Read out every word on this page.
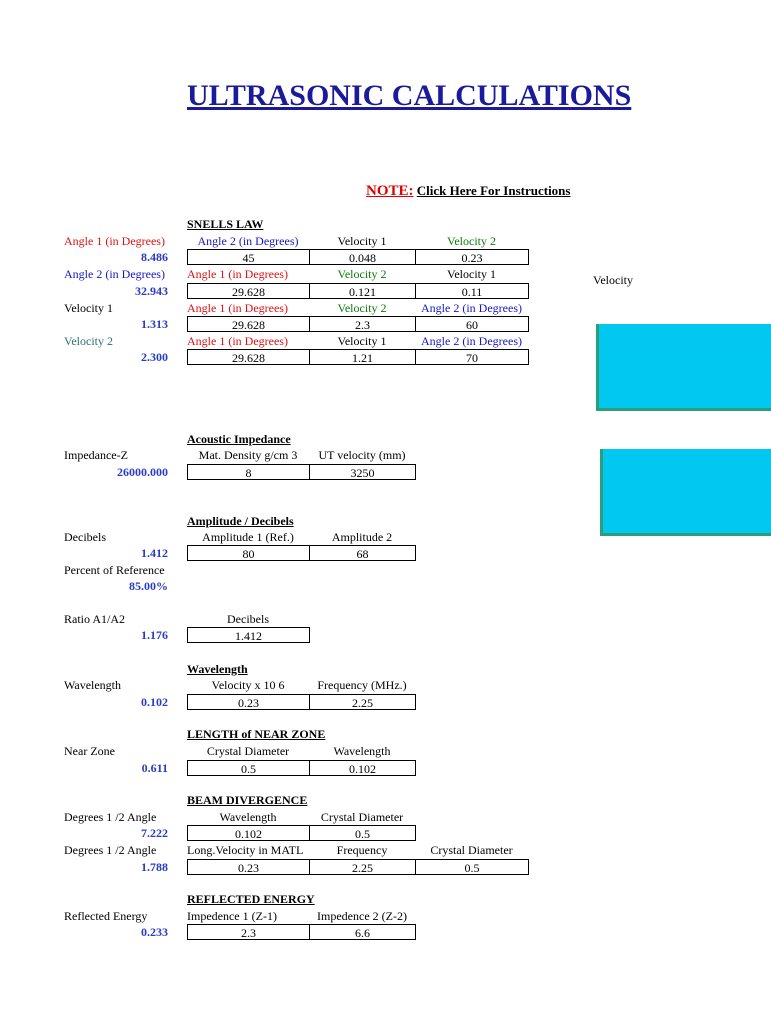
ULTRASONIC CALCULATIONS
NOTE: Click Here For Instructions
Velocity
SNELLS LAW
Angle 1 (in Degrees)
8.486
Angle 2 (in Degrees)	Velocity 1	Velocity 2
45	0.048	0.23
Angle 2 (in Degrees)
32.943
Angle 1 (in Degrees)	Velocity 2	Velocity 1
29.628	0.121	0.11
Velocity 1
1.313
Angle 1 (in Degrees)	Velocity 2	Angle 2 (in Degrees)
29.628	2.3	60
Velocity 2
2.300
Angle 1 (in Degrees)	Velocity 1	Angle 2 (in Degrees)
29.628	1.21	70
Acoustic Impedance
Impedance-Z
26000.000
Mat. Density g/cm 3	UT velocity (mm)
8	3250
Amplitude / Decibels
Decibels
1.412
Amplitude 1 (Ref.)	Amplitude 2
80	68
Percent of Reference
85.00%
Ratio A1/A2
1.176
Decibels
1.412
Wavelength
Wavelength
0.102
Velocity x 10 6	Frequency (MHz.)
0.23	2.25
LENGTH of NEAR ZONE
Near Zone
0.611
Crystal Diameter	Wavelength
0.5	0.102
BEAM DIVERGENCE
Degrees 1 /2 Angle
7.222
Wavelength	Crystal Diameter
0.102	0.5
Degrees 1 /2 Angle
1.788
Long.Velocity in MATL	Frequency	Crystal Diameter
0.23	2.25	0.5
REFLECTED ENERGY
Reflected Energy
0.233
Impedence 1 (Z-1)	Impedence 2 (Z-2)
2.3	6.6
